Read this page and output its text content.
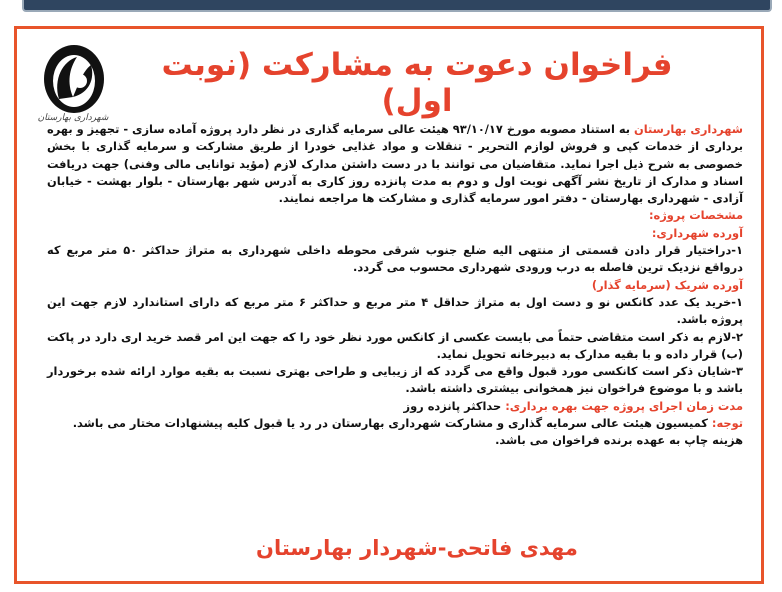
شهرداری بهارستان
فراخوان دعوت به مشارکت (نوبت اول)

شهرداری بهارستان به استناد مصوبه مورخ ۹۳/۱۰/۱۷ هیئت عالی سرمایه گذاری در نظر دارد پروژه آماده سازی - تجهیز و بهره برداری از خدمات کپی و فروش لوازم التحریر - تنقلات و مواد غذایی خودرا از طریق مشارکت و سرمایه گذاری با بخش خصوصی به شرح ذیل اجرا نماید. متقاضیان می توانند با در دست داشتن مدارک لازم (مؤید توانایی مالی وفنی) جهت دریافت اسناد و مدارک از تاریخ نشر آگهی نوبت اول و دوم به مدت پانزده روز کاری به آدرس شهر بهارستان - بلوار بهشت - خیابان آزادی - شهرداری بهارستان - دفتر امور سرمایه گذاری و مشارکت ها مراجعه نمایند.

مشخصات پروژه:

آورده شهرداری:

۱-دراختیار قرار دادن قسمتی از منتهی الیه ضلع جنوب شرقی محوطه داخلی شهرداری به متراژ حداکثر ۵۰ متر مربع که درواقع نزدیک ترین فاصله به درب ورودی شهرداری محسوب می گردد.

آورده شریک (سرمایه گذار)

۱-خرید یک عدد کانکس نو و دست اول به متراژ حداقل ۴ متر مربع و حداکثر ۶ متر مربع که دارای استاندارد لازم جهت این پروژه باشد.

۲-لازم به ذکر است متقاضی حتماً می بایست عکسی از کانکس مورد نظر خود را که جهت این امر قصد خرید اری دارد در پاکت (ب) قرار داده و با بقیه مدارک به دبیرخانه تحویل نماید.

۳-شایان ذکر است کانکسی مورد قبول واقع می گردد که از زیبایی و طراحی بهتری نسبت به بقیه موارد ارائه شده برخوردار باشد و با موضوع فراخوان نیز همخوانی بیشتری داشته باشد.

مدت زمان اجرای پروژه جهت بهره برداری: حداکثر پانزده روز

توجه: کمیسیون هیئت عالی سرمایه گذاری و مشارکت شهرداری بهارستان در رد یا قبول کلیه پیشنهادات مختار می باشد.

هزینه چاپ به عهده برنده فراخوان می باشد.

مهدی فاتحی-شهردار بهارستان
